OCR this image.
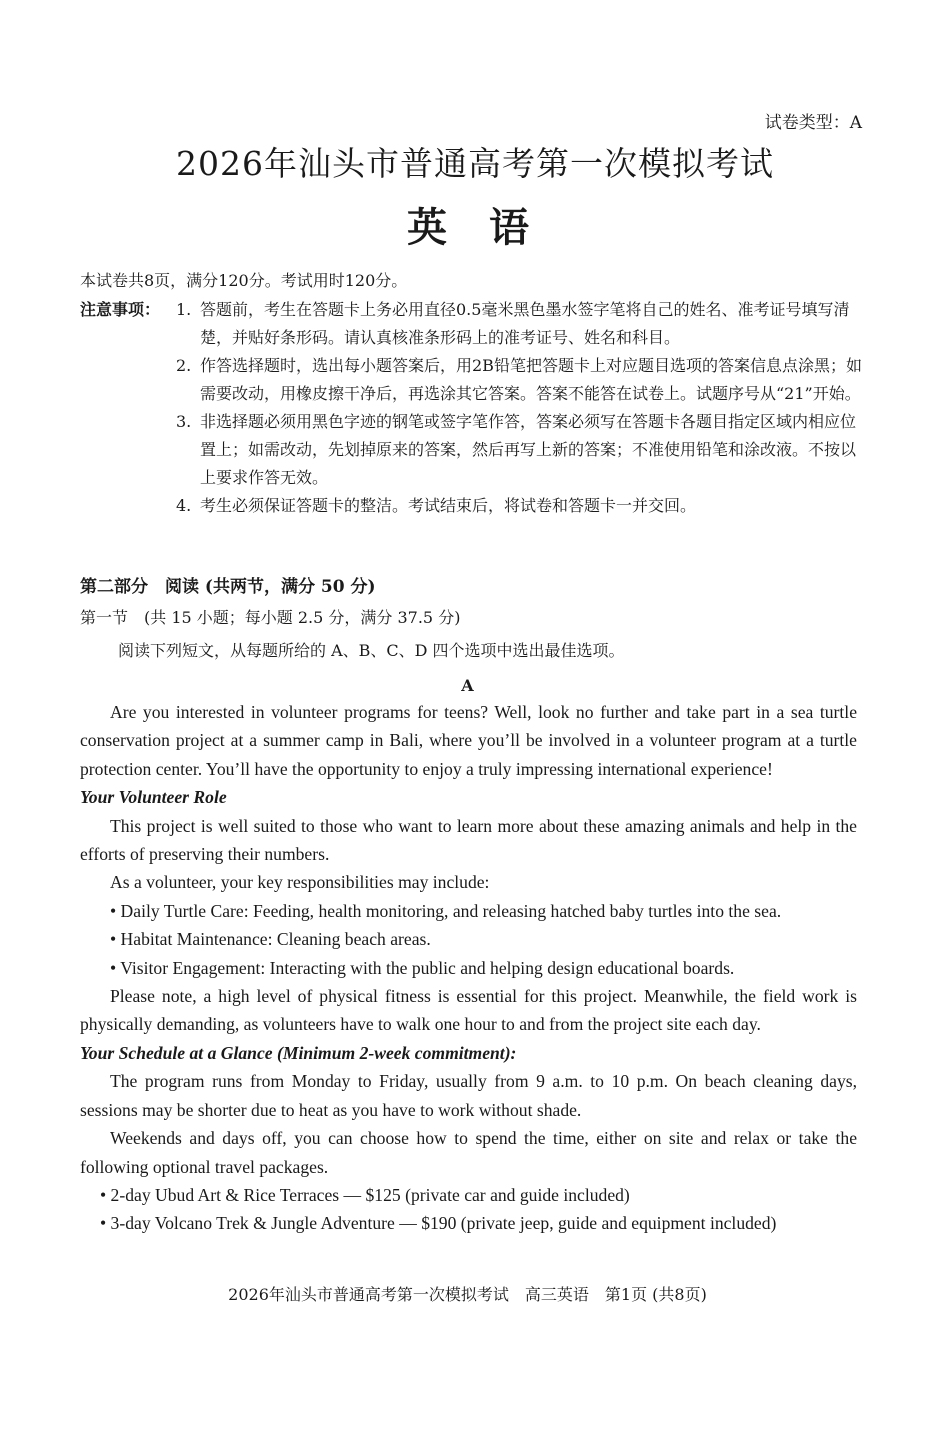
试卷类型：A
2026年汕头市普通高考第一次模拟考试
英 语
本试卷共8页，满分120分。考试用时120分。
注意事项： 1. 答题前，考生在答题卡上务必用直径0.5毫米黑色墨水签字笔将自己的姓名、准考证号填写清楚，并贴好条形码。请认真核准条形码上的准考证号、姓名和科目。
2. 作答选择题时，选出每小题答案后，用2B铅笔把答题卡上对应题目选项的答案信息点涂黑；如需要改动，用橡皮擦干净后，再选涂其它答案。答案不能答在试卷上。试题序号从“21”开始。
3. 非选择题必须用黑色字迹的钢笔或签字笔作答，答案必须写在答题卡各题目指定区域内相应位置上；如需改动，先划掉原来的答案，然后再写上新的答案；不准使用铅笔和涂改液。不按以上要求作答无效。
4. 考生必须保证答题卡的整洁。考试结束后，将试卷和答题卡一并交回。
第二部分　阅读 (共两节，满分 50 分)
第一节　(共 15 小题；每小题 2.5 分，满分 37.5 分)
阅读下列短文，从每题所给的 A、B、C、D 四个选项中选出最佳选项。
A

Are you interested in volunteer programs for teens? Well, look no further and take part in a sea turtle conservation project at a summer camp in Bali, where you’ll be involved in a volunteer program at a turtle protection center. You’ll have the opportunity to enjoy a truly impressing international experience!

Your Volunteer Role

This project is well suited to those who want to learn more about these amazing animals and help in the efforts of preserving their numbers.

As a volunteer, your key responsibilities may include:

• Daily Turtle Care: Feeding, health monitoring, and releasing hatched baby turtles into the sea.

• Habitat Maintenance: Cleaning beach areas.

• Visitor Engagement: Interacting with the public and helping design educational boards.

Please note, a high level of physical fitness is essential for this project. Meanwhile, the field work is physically demanding, as volunteers have to walk one hour to and from the project site each day.

Your Schedule at a Glance (Minimum 2-week commitment):

The program runs from Monday to Friday, usually from 9 a.m. to 10 p.m. On beach cleaning days, sessions may be shorter due to heat as you have to work without shade.

Weekends and days off, you can choose how to spend the time, either on site and relax or take the following optional travel packages.

• 2-day Ubud Art & Rice Terraces — $125 (private car and guide included)

• 3-day Volcano Trek & Jungle Adventure — $190 (private jeep, guide and equipment included)

2026年汕头市普通高考第一次模拟考试　高三英语　第1页 (共8页)
